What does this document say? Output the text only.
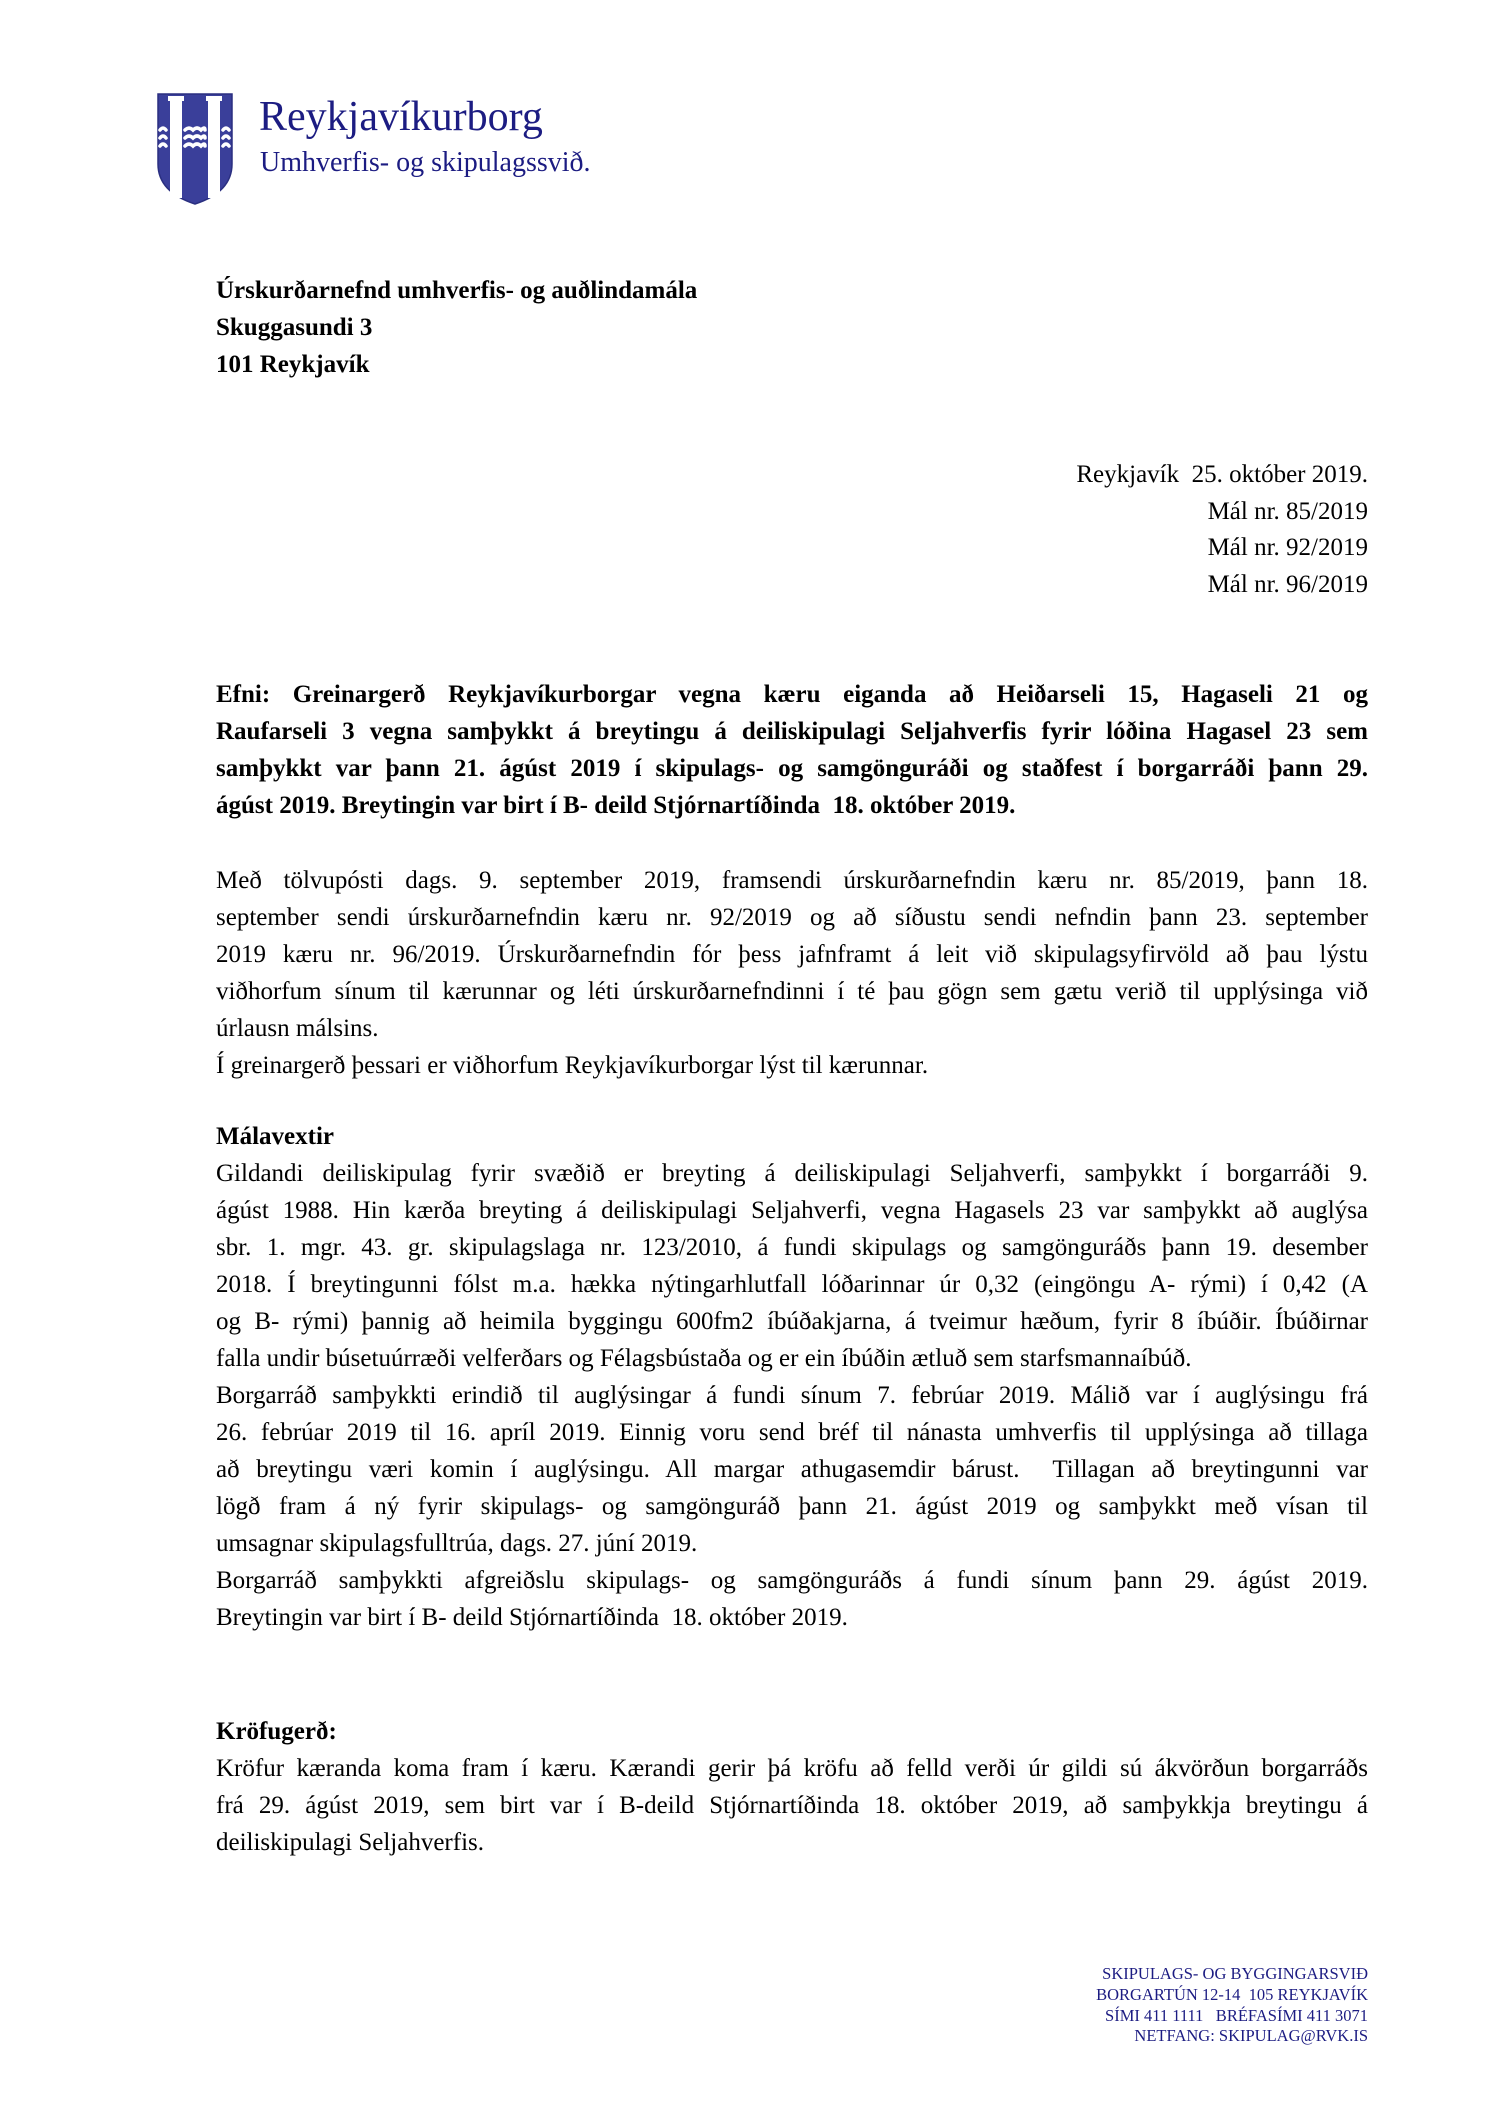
Reykjavíkurborg
Umhverfis- og skipulagssvið.
Úrskurðarnefnd umhverfis- og auðlindamála
Skuggasundi 3
101 Reykjavík
Reykjavík  25. október 2019.
Mál nr. 85/2019
Mál nr. 92/2019
Mál nr. 96/2019
Efni: Greinargerð Reykjavíkurborgar vegna kæru eiganda að Heiðarseli 15, Hagaseli 21 og
Raufarseli 3 vegna samþykkt á breytingu á deiliskipulagi Seljahverfis fyrir lóðina Hagasel 23 sem
samþykkt var þann 21. ágúst 2019 í skipulags- og samgönguráði og staðfest í borgarráði þann 29.
ágúst 2019. Breytingin var birt í B- deild Stjórnartíðinda  18. október 2019.
Með tölvupósti dags. 9. september 2019, framsendi úrskurðarnefndin kæru nr. 85/2019, þann 18.
september sendi úrskurðarnefndin kæru nr. 92/2019 og að síðustu sendi nefndin þann 23. september
2019 kæru nr. 96/2019. Úrskurðarnefndin fór þess jafnframt á leit við skipulagsyfirvöld að þau lýstu
viðhorfum sínum til kærunnar og léti úrskurðarnefndinni í té þau gögn sem gætu verið til upplýsinga við
úrlausn málsins.
Í greinargerð þessari er viðhorfum Reykjavíkurborgar lýst til kærunnar.
Málavextir
Gildandi deiliskipulag fyrir svæðið er breyting á deiliskipulagi Seljahverfi, samþykkt í borgarráði 9.
ágúst 1988. Hin kærða breyting á deiliskipulagi Seljahverfi, vegna Hagasels 23 var samþykkt að auglýsa
sbr. 1. mgr. 43. gr. skipulagslaga nr. 123/2010, á fundi skipulags og samgönguráðs þann 19. desember
2018. Í breytingunni fólst m.a. hækka nýtingarhlutfall lóðarinnar úr 0,32 (eingöngu A- rými) í 0,42 (A
og B- rými) þannig að heimila byggingu 600fm2 íbúðakjarna, á tveimur hæðum, fyrir 8 íbúðir. Íbúðirnar
falla undir búsetuúrræði velferðars og Félagsbústaða og er ein íbúðin ætluð sem starfsmannaíbúð.
Borgarráð samþykkti erindið til auglýsingar á fundi sínum 7. febrúar 2019. Málið var í auglýsingu frá
26. febrúar 2019 til 16. apríl 2019. Einnig voru send bréf til nánasta umhverfis til upplýsinga að tillaga
að breytingu væri komin í auglýsingu. All margar athugasemdir bárust.  Tillagan að breytingunni var
lögð fram á ný fyrir skipulags- og samgönguráð þann 21. ágúst 2019 og samþykkt með vísan til
umsagnar skipulagsfulltrúa, dags. 27. júní 2019.
Borgarráð samþykkti afgreiðslu skipulags- og samgönguráðs á fundi sínum þann 29. ágúst 2019.
Breytingin var birt í B- deild Stjórnartíðinda  18. október 2019.
Kröfugerð:
Kröfur kæranda koma fram í kæru. Kærandi gerir þá kröfu að felld verði úr gildi sú ákvörðun borgarráðs
frá 29. ágúst 2019, sem birt var í B-deild Stjórnartíðinda 18. október 2019, að samþykkja breytingu á
deiliskipulagi Seljahverfis.
SKIPULAGS- OG BYGGINGARSVIÐ
BORGARTÚN 12-14  105 REYKJAVÍK
SÍMI 411 1111   BRÉFASÍMI 411 3071
NETFANG: SKIPULAG@RVK.IS
